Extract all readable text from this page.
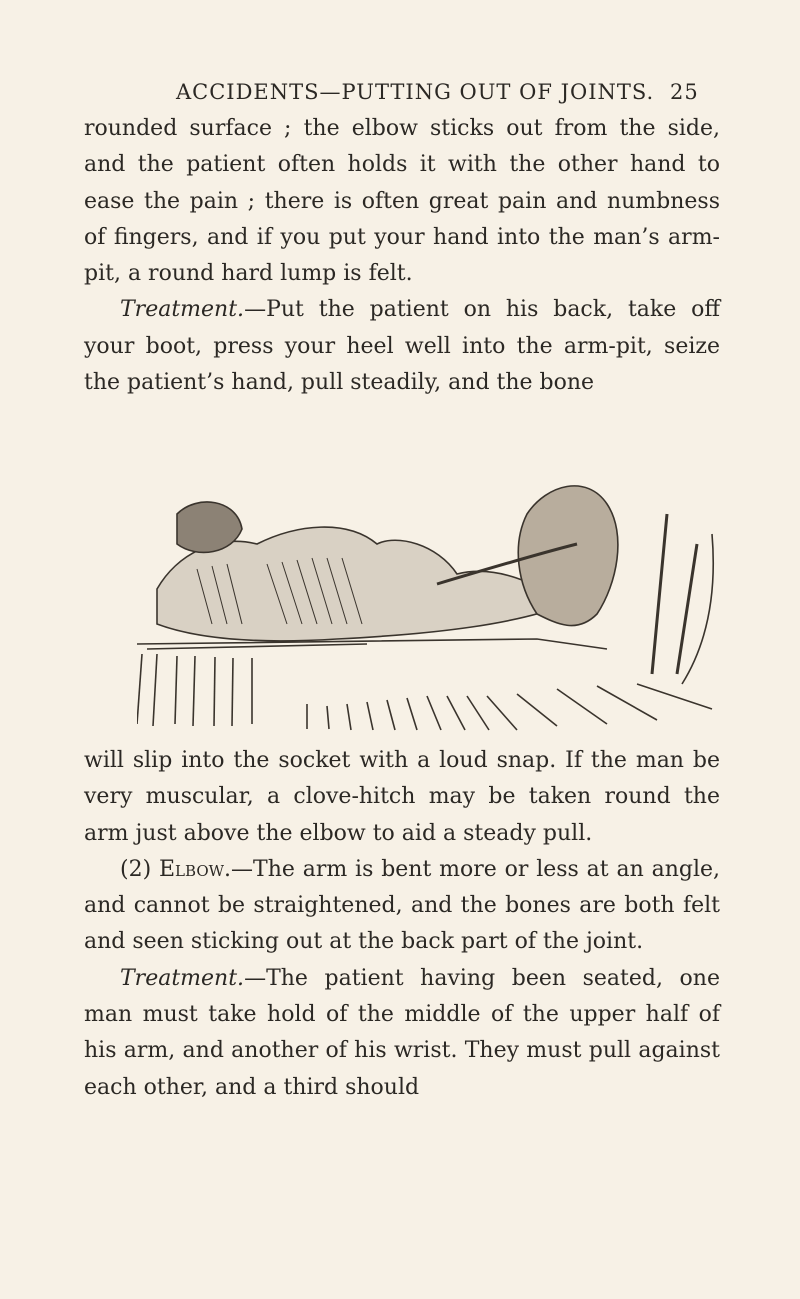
ACCIDENTS—PUTTING OUT OF JOINTS. 25

rounded surface ; the elbow sticks out from the side, and the patient often holds it with the other hand to ease the pain ; there is often great pain and numbness of fingers, and if you put your hand into the man’s arm-pit, a round hard lump is felt.

Treatment.—Put the patient on his back, take off your boot, press your heel well into the arm-pit, seize the patient’s hand, pull steadily, and the bone

will slip into the socket with a loud snap. If the man be very muscular, a clove-hitch may be taken round the arm just above the elbow to aid a steady pull.

(2) Elbow.—The arm is bent more or less at an angle, and cannot be straightened, and the bones are both felt and seen sticking out at the back part of the joint.

Treatment.—The patient having been seated, one man must take hold of the middle of the upper half of his arm, and another of his wrist. They must pull against each other, and a third should
